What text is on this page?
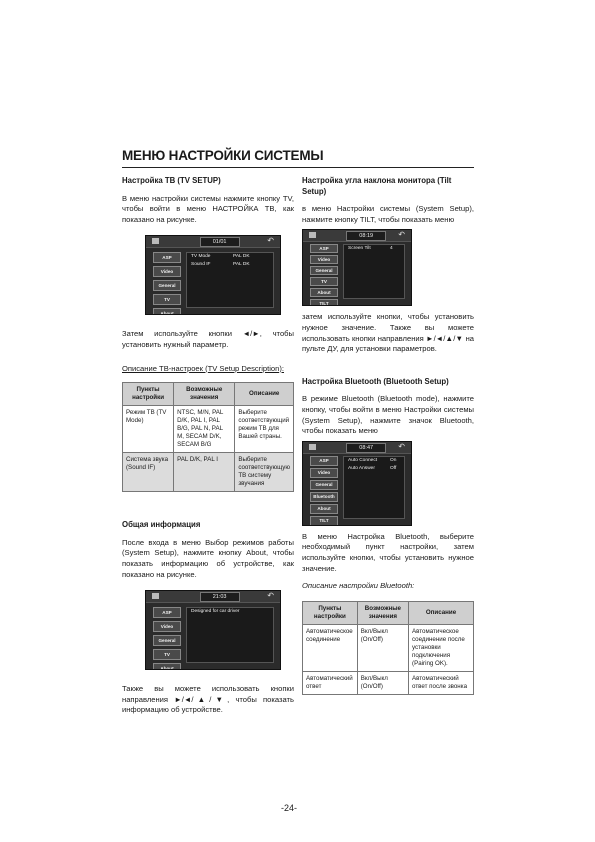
МЕНЮ НАСТРОЙКИ СИСТЕМЫ
Настройка ТВ (TV SETUP)

В меню настройки системы нажмите кнопку TV, чтобы войти в меню НАСТРОЙКА ТВ, как показано на рисунке.

01/01	↶
ASP
Video
General
TV
About
TV Mode	PAL DK
Sound IF	PAL DK

Затем используйте кнопки ◄/►, чтобы установить нужный параметр.

Описание ТВ-настроек (TV Setup Description):

Пункты настройки	Возможные значения	Описание
Режим ТВ (TV Mode)	NTSC, M/N, PAL D/K, PAL I, PAL B/G, PAL N, PAL M, SECAM D/K, SECAM B/G	Выберите соответствующий режим ТВ для Вашей страны.
Система звука (Sound IF)	PAL D/K, PAL I	Выберите соответствующую ТВ систему звучания
Общая информация

После входа в меню Выбор режимов работы (System Setup), нажмите кнопку About, чтобы показать информацию об устройстве, как показано на рисунке.

21:03	↶
ASP
Video
General
TV
About
Designed for car driver

Также вы можете использовать кнопки направления ►/◄/▲/▼, чтобы показать информацию об устройстве.

Настройка угла наклона монитора (Tilt Setup)

в меню Настройки системы (System Setup), нажмите кнопку TILT, чтобы показать меню

08:19	↶
ASP
Video
General
TV
About
TILT
Screen Tilt	4

затем используйте кнопки, чтобы установить нужное значение. Также вы можете использовать кнопки направления ►/◄/▲/▼ на пульте ДУ, для установки параметров.

Настройка Bluetooth (Bluetooth Setup)

В режиме Bluetooth (Bluetooth mode), нажмите кнопку, чтобы войти в меню Настройки системы (System Setup), нажмите значок Bluetooth, чтобы показать меню

08:47	↶
ASP
Video
General
Bluetooth
About
TILT
Auto Connect	On
Auto Answer	Off

В меню Настройка Bluetooth, выберите необходимый пункт настройки, затем используйте кнопки, чтобы установить нужное значение.

Описание настройки Bluetooth:

Пункты настройки	Возможные значения	Описание
Автоматическое соединение	Вкл/Выкл (On/Off)	Автоматическое соединение после установки подключения (Pairing OK).
Автоматический ответ	Вкл/Выкл (On/Off)	Автоматический ответ после звонка
-24-
